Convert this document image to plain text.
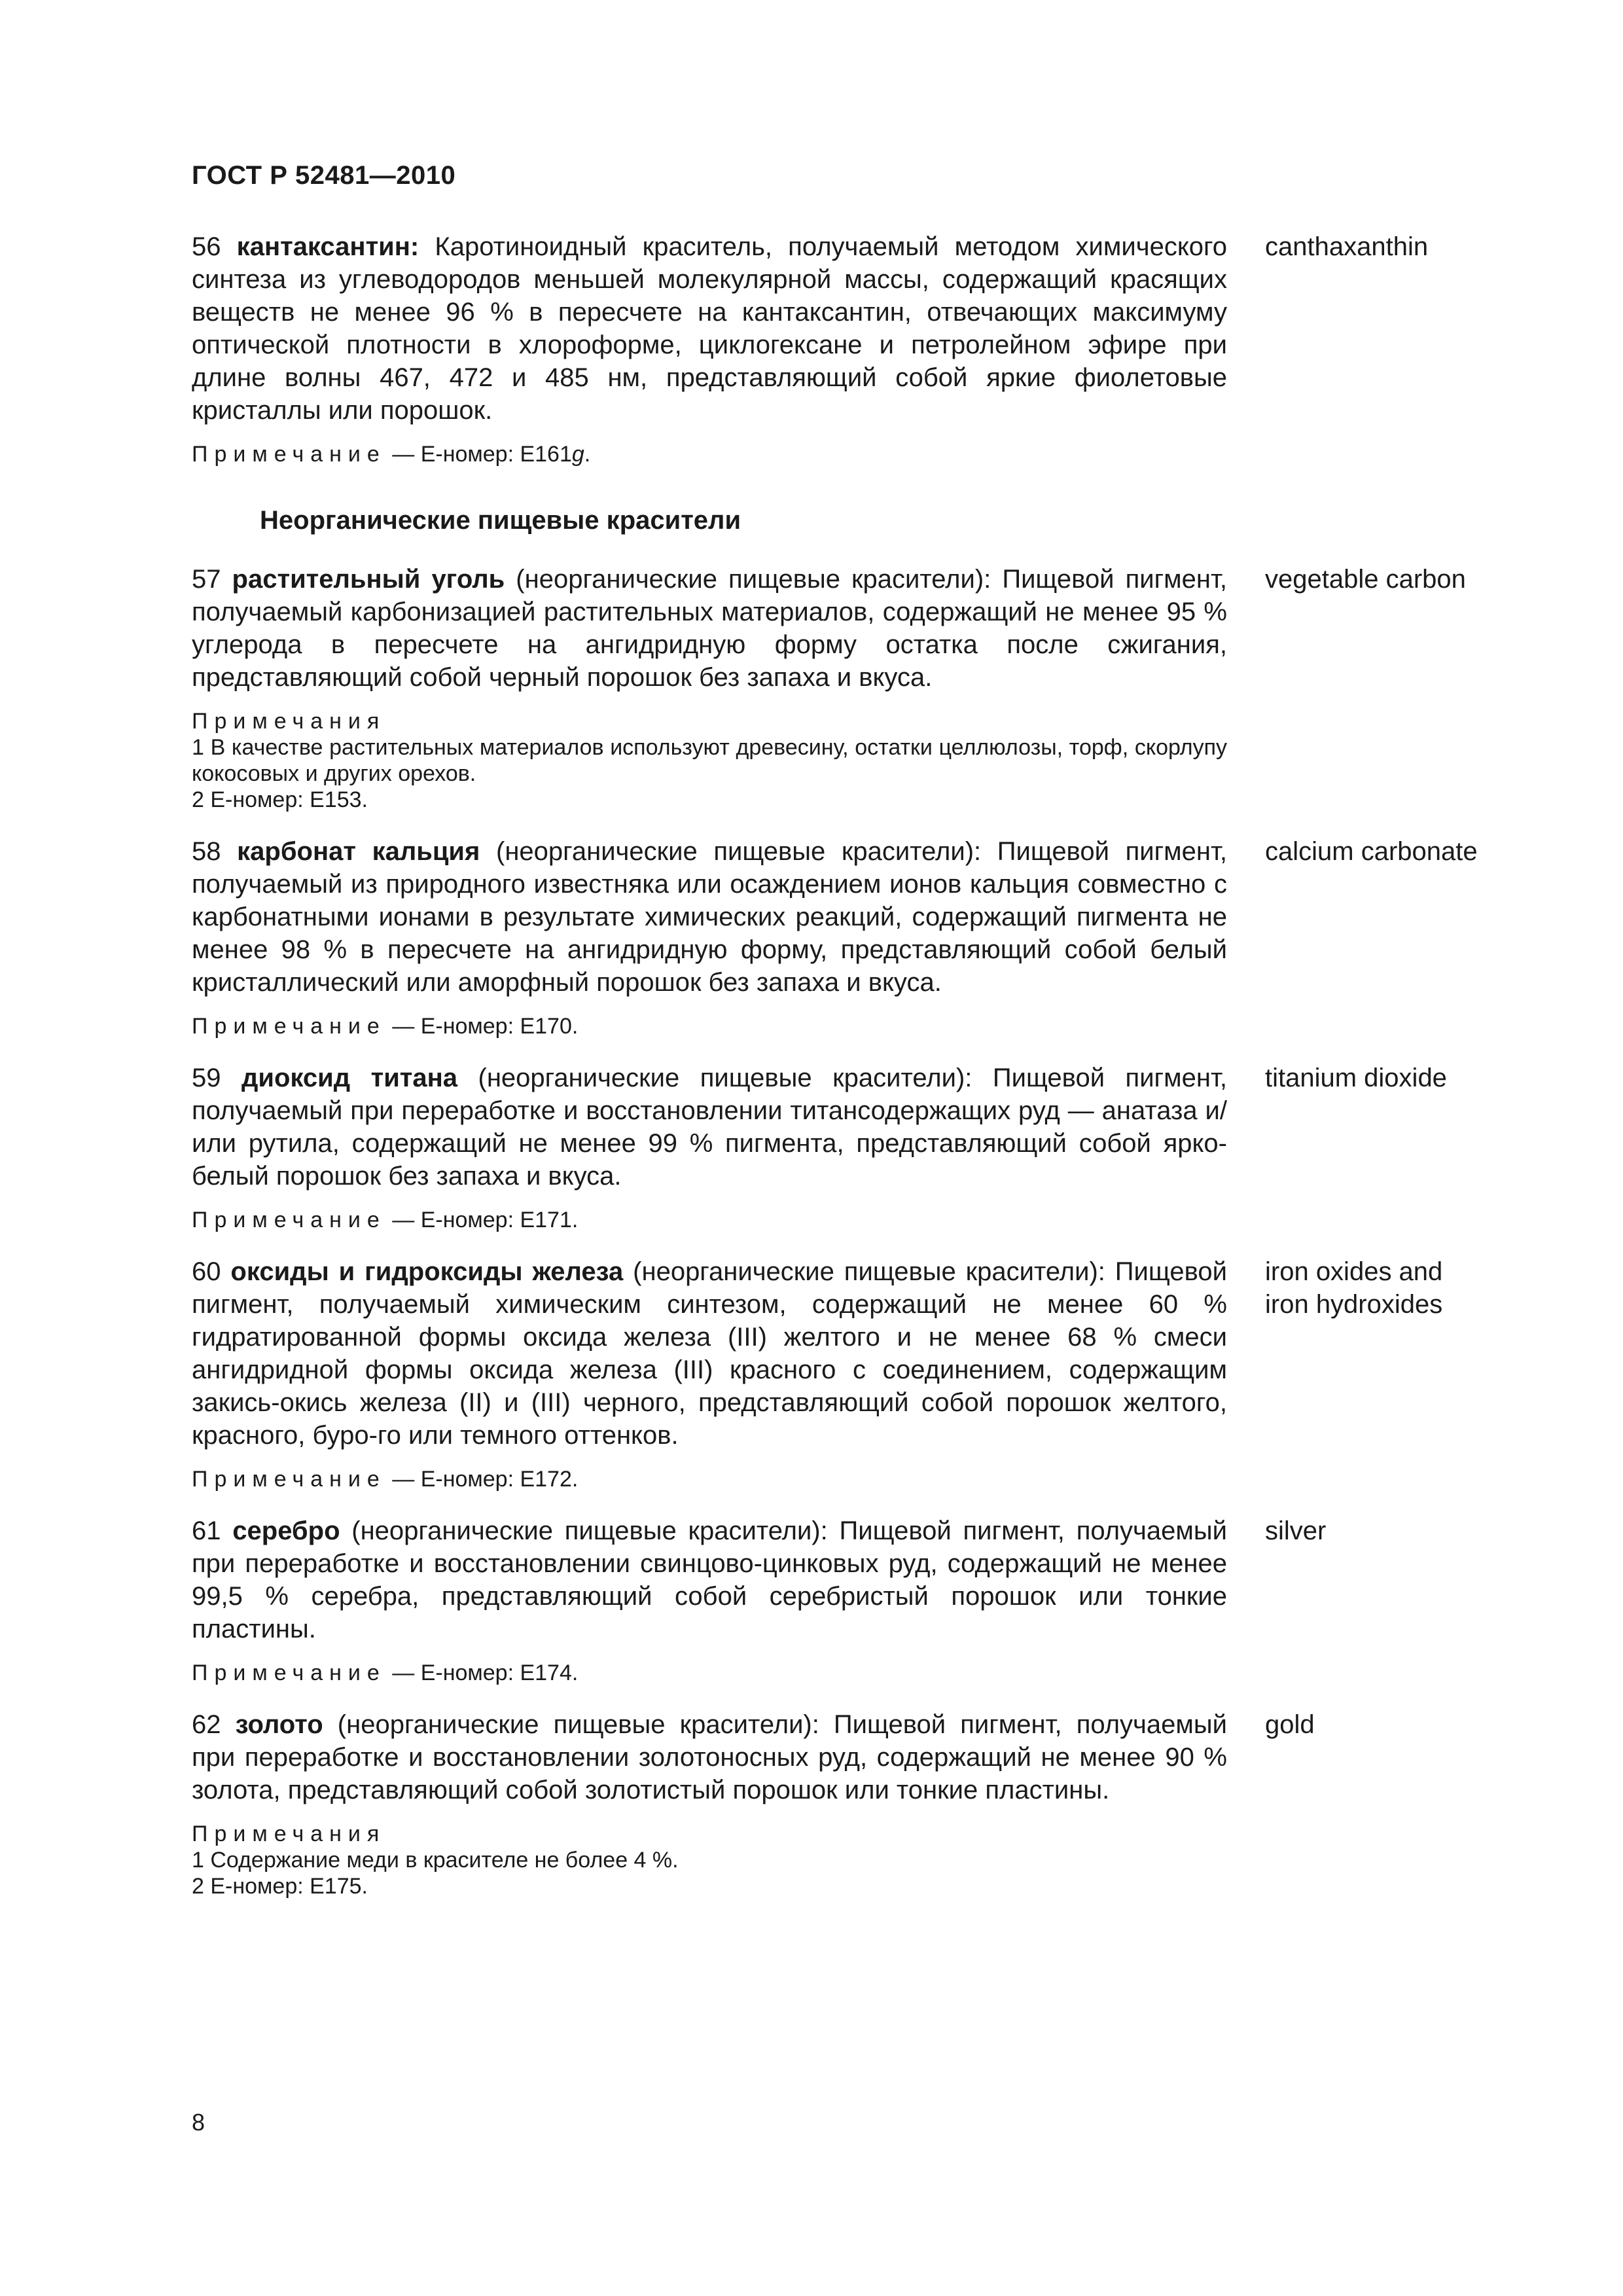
ГОСТ Р 52481—2010
56 кантаксантин: Каротиноидный краситель, получаемый методом химического синтеза из углеводородов меньшей молекулярной массы, содержащий красящих веществ не менее 96 % в пересчете на кантаксантин, отвечающих максимуму оптической плотности в хлороформе, циклогексане и петролейном эфире при длине волны 467, 472 и 485 нм, представляющий собой яркие фиолетовые кристаллы или порошок.
canthaxanthin
Примечание — Е-номер: Е161g.
Неорганические пищевые красители
57 растительный уголь (неорганические пищевые красители): Пищевой пигмент, получаемый карбонизацией растительных материалов, содержащий не менее 95 % углерода в пересчете на ангидридную форму остатка после сжигания, представляющий собой черный порошок без запаха и вкуса.
vegetable carbon
Примечания
1 В качестве растительных материалов используют древесину, остатки целлюлозы, торф, скорлупу кокосовых и других орехов.
2 Е-номер: Е153.
58 карбонат кальция (неорганические пищевые красители): Пищевой пигмент, получаемый из природного известняка или осаждением ионов кальция совместно с карбонатными ионами в результате химических реакций, содержащий пигмента не менее 98 % в пересчете на ангидридную форму, представляющий собой белый кристаллический или аморфный порошок без запаха и вкуса.
calcium carbonate
Примечание — Е-номер: Е170.
59 диоксид титана (неорганические пищевые красители): Пищевой пигмент, получаемый при переработке и восстановлении титансодержащих руд — анатаза и/или рутила, содержащий не менее 99 % пигмента, представляющий собой ярко-белый порошок без запаха и вкуса.
titanium dioxide
Примечание — Е-номер: Е171.
60 оксиды и гидроксиды железа (неорганические пищевые красители): Пищевой пигмент, получаемый химическим синтезом, содержащий не менее 60 % гидратированной формы оксида железа (III) желтого и не менее 68 % смеси ангидридной формы оксида железа (III) красного с соединением, содержащим закись-окись железа (II) и (III) черного, представляющий собой порошок желтого, красного, буро-го или темного оттенков.
iron oxides and
iron hydroxides
Примечание — Е-номер: Е172.
61 серебро (неорганические пищевые красители): Пищевой пигмент, получаемый при переработке и восстановлении свинцово-цинковых руд, содержащий не менее 99,5 % серебра, представляющий собой серебристый порошок или тонкие пластины.
silver
Примечание — Е-номер: Е174.
62 золото (неорганические пищевые красители): Пищевой пигмент, получаемый при переработке и восстановлении золотоносных руд, содержащий не менее 90 % золота, представляющий собой золотистый порошок или тонкие пластины.
gold
Примечания
1 Содержание меди в красителе не более 4 %.
2 Е-номер: Е175.
8
